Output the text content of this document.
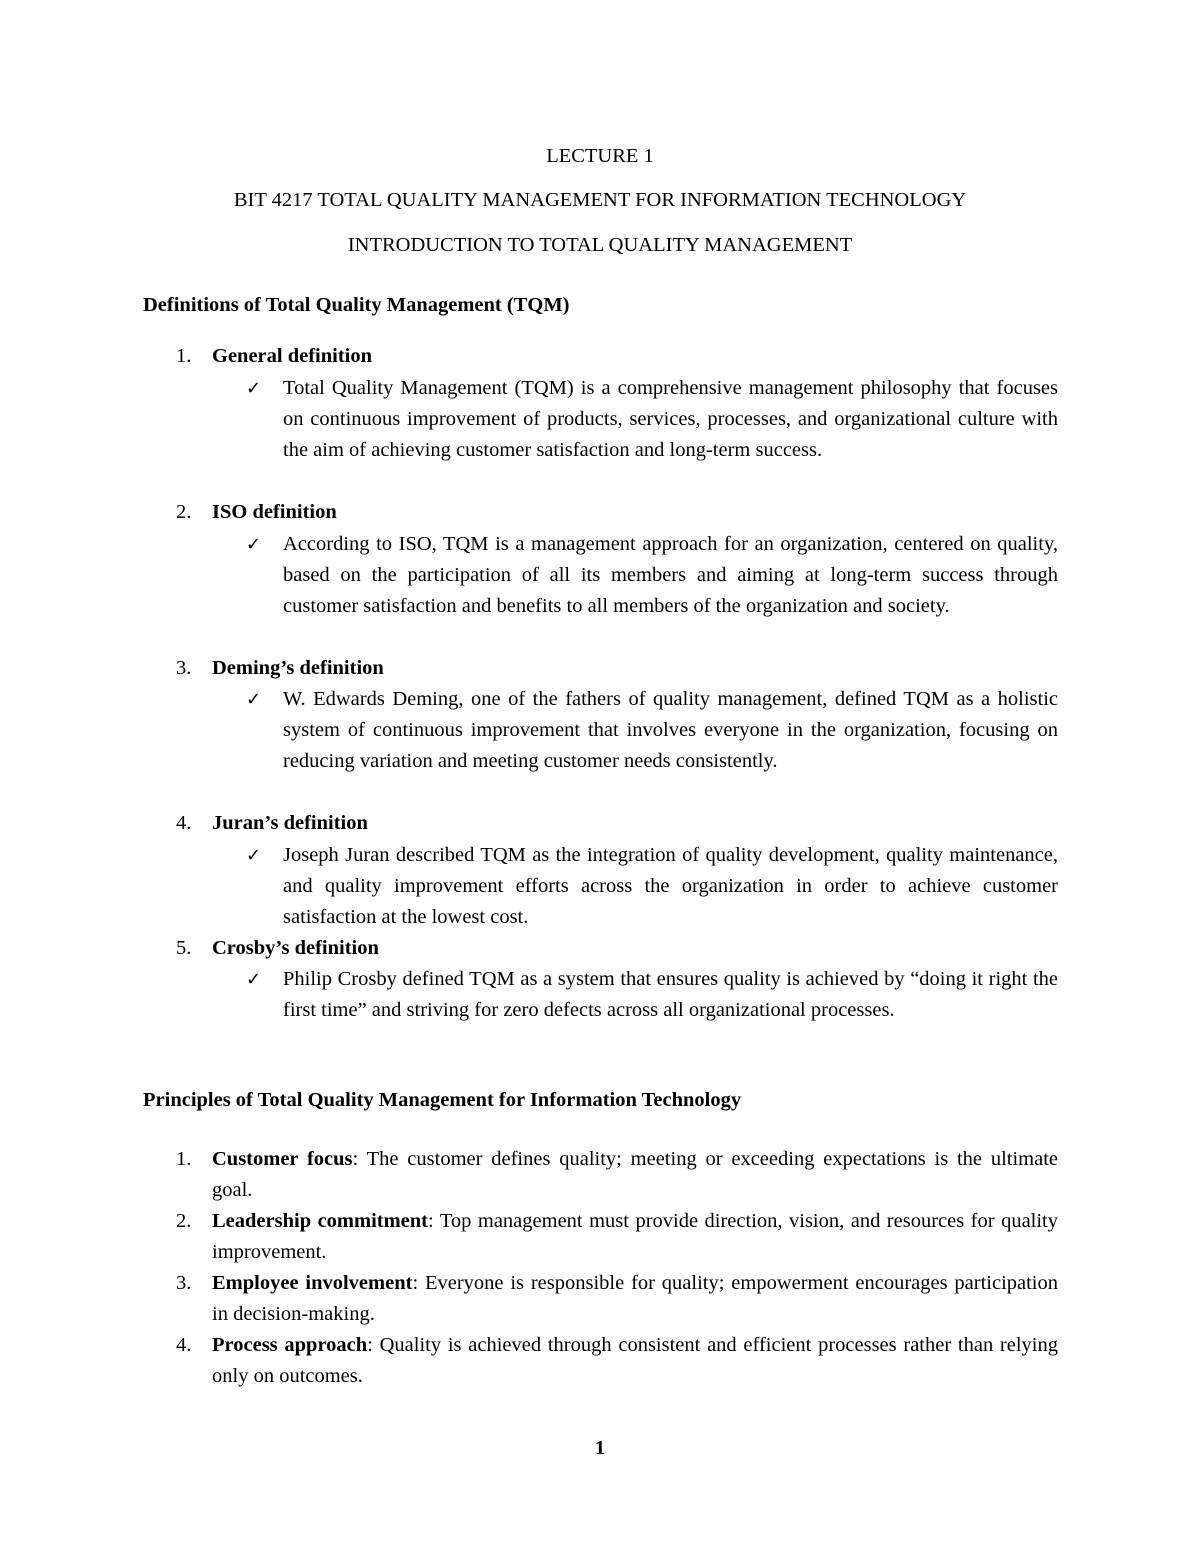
LECTURE 1
BIT 4217 TOTAL QUALITY MANAGEMENT FOR INFORMATION TECHNOLOGY
INTRODUCTION TO TOTAL QUALITY MANAGEMENT
Definitions of Total Quality Management (TQM)
1. General definition
✓ Total Quality Management (TQM) is a comprehensive management philosophy that focuses on continuous improvement of products, services, processes, and organizational culture with the aim of achieving customer satisfaction and long-term success.

2. ISO definition
✓ According to ISO, TQM is a management approach for an organization, centered on quality, based on the participation of all its members and aiming at long-term success through customer satisfaction and benefits to all members of the organization and society.

3. Deming’s definition
✓ W. Edwards Deming, one of the fathers of quality management, defined TQM as a holistic system of continuous improvement that involves everyone in the organization, focusing on reducing variation and meeting customer needs consistently.

4. Juran’s definition
✓ Joseph Juran described TQM as the integration of quality development, quality maintenance, and quality improvement efforts across the organization in order to achieve customer satisfaction at the lowest cost.

5. Crosby’s definition
✓ Philip Crosby defined TQM as a system that ensures quality is achieved by “doing it right the first time” and striving for zero defects across all organizational processes.

Principles of Total Quality Management for Information Technology
1. Customer focus: The customer defines quality; meeting or exceeding expectations is the ultimate goal.

2. Leadership commitment: Top management must provide direction, vision, and resources for quality improvement.

3. Employee involvement: Everyone is responsible for quality; empowerment encourages participation in decision-making.

4. Process approach: Quality is achieved through consistent and efficient processes rather than relying only on outcomes.

1
